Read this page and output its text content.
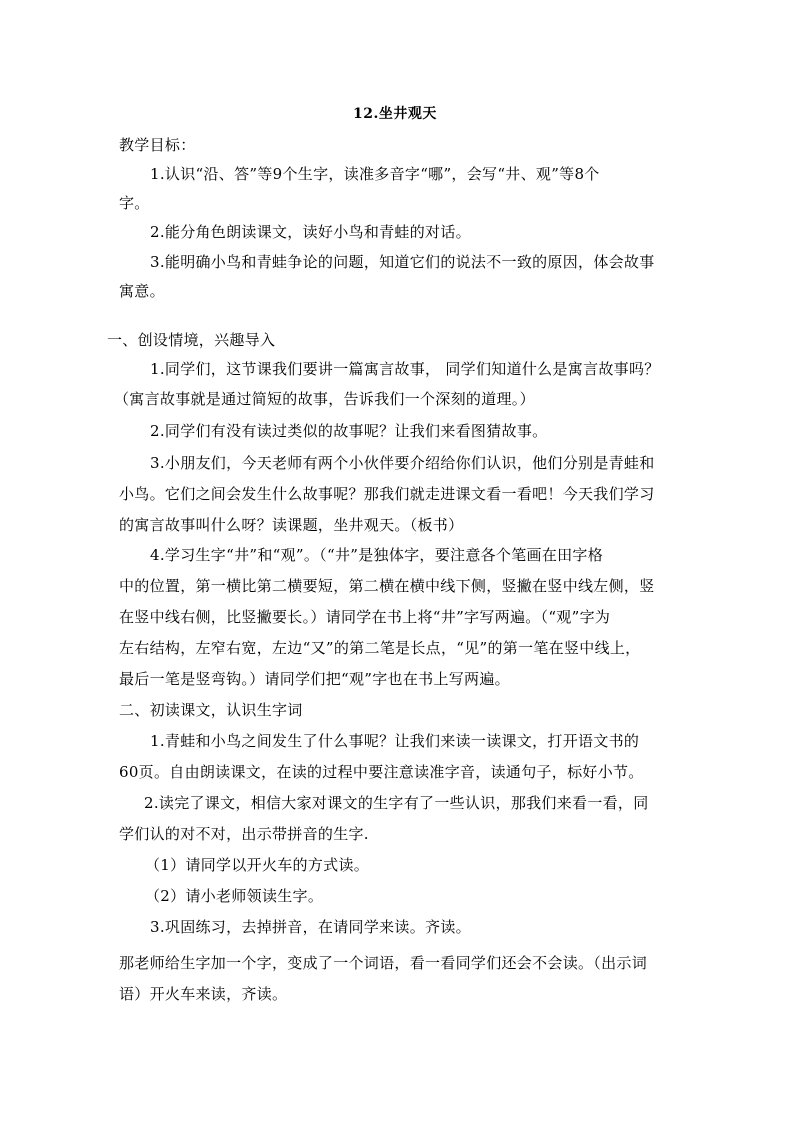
12.坐井观天
教学目标：
1.认识“沿、答”等9个生字，读准多音字“哪”，会写“井、观”等8个
字。
2.能分角色朗读课文，读好小鸟和青蛙的对话。
3.能明确小鸟和青蛙争论的问题，知道它们的说法不一致的原因，体会故事
寓意。
一、创设情境，兴趣导入
1.同学们，这节课我们要讲一篇寓言故事， 同学们知道什么是寓言故事吗？
（寓言故事就是通过简短的故事，告诉我们一个深刻的道理。）
2.同学们有没有读过类似的故事呢？让我们来看图猜故事。
3.小朋友们，今天老师有两个小伙伴要介绍给你们认识，他们分别是青蛙和
小鸟。它们之间会发生什么故事呢？那我们就走进课文看一看吧！今天我们学习
的寓言故事叫什么呀？读课题，坐井观天。（板书）
4.学习生字“井”和“观”。（“井”是独体字，要注意各个笔画在田字格
中的位置，第一横比第二横要短，第二横在横中线下侧，竖撇在竖中线左侧，竖
在竖中线右侧，比竖撇要长。）请同学在书上将“井”字写两遍。（“观”字为
左右结构，左窄右宽，左边“又”的第二笔是长点，“见”的第一笔在竖中线上，
最后一笔是竖弯钩。）请同学们把“观”字也在书上写两遍。
二、初读课文，认识生字词
1.青蛙和小鸟之间发生了什么事呢？让我们来读一读课文，打开语文书的
60页。自由朗读课文，在读的过程中要注意读准字音，读通句子，标好小节。
2.读完了课文，相信大家对课文的生字有了一些认识，那我们来看一看，同
学们认的对不对，出示带拼音的生字.
（1）请同学以开火车的方式读。
（2）请小老师领读生字。
3.巩固练习，去掉拼音，在请同学来读。齐读。
那老师给生字加一个字，变成了一个词语，看一看同学们还会不会读。（出示词
语）开火车来读，齐读。
